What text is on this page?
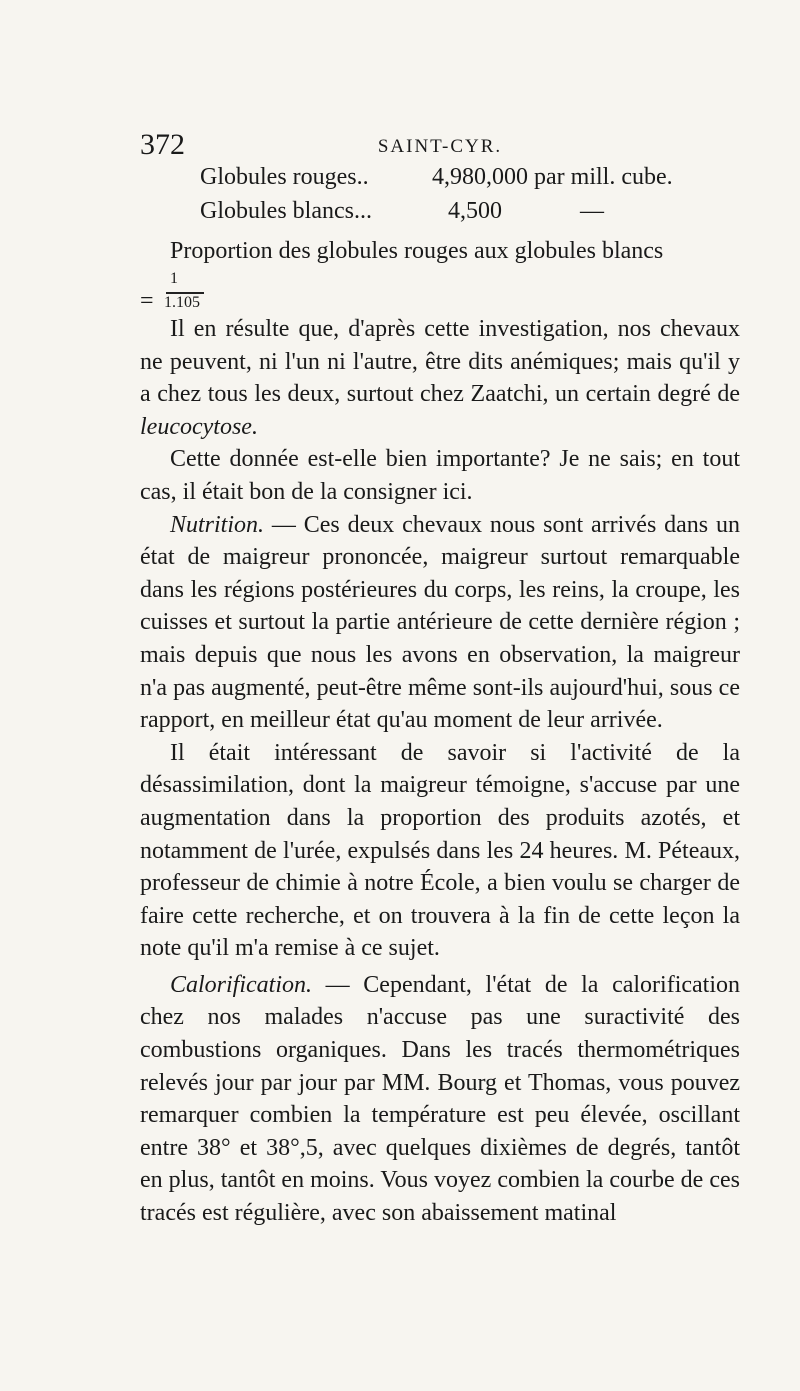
372	SAINT-CYR.
Globules rouges..	4,980,000 par mill. cube.
Globules blancs...	4,500	—

Proportion des globules rouges aux globules blancs

=
1
1.105

Il en résulte que, d'après cette investigation, nos chevaux ne peuvent, ni l'un ni l'autre, être dits anémiques; mais qu'il y a chez tous les deux, surtout chez Zaatchi, un certain degré de leucocytose.

Cette donnée est-elle bien importante? Je ne sais; en tout cas, il était bon de la consigner ici.

Nutrition. — Ces deux chevaux nous sont arrivés dans un état de maigreur prononcée, maigreur surtout remarquable dans les régions postérieures du corps, les reins, la croupe, les cuisses et surtout la partie antérieure de cette dernière région ; mais depuis que nous les avons en observation, la maigreur n'a pas augmenté, peut-être même sont-ils aujourd'hui, sous ce rapport, en meilleur état qu'au moment de leur arrivée.

Il était intéressant de savoir si l'activité de la désassimilation, dont la maigreur témoigne, s'accuse par une augmentation dans la proportion des produits azotés, et notamment de l'urée, expulsés dans les 24 heures. M. Péteaux, professeur de chimie à notre École, a bien voulu se charger de faire cette recherche, et on trouvera à la fin de cette leçon la note qu'il m'a remise à ce sujet.

Calorification. — Cependant, l'état de la calorification chez nos malades n'accuse pas une suractivité des combustions organiques. Dans les tracés thermométriques relevés jour par jour par MM. Bourg et Thomas, vous pouvez remarquer combien la température est peu élevée, oscillant entre 38° et 38°,5, avec quelques dixièmes de degrés, tantôt en plus, tantôt en moins. Vous voyez combien la courbe de ces tracés est régulière, avec son abaissement matinal
